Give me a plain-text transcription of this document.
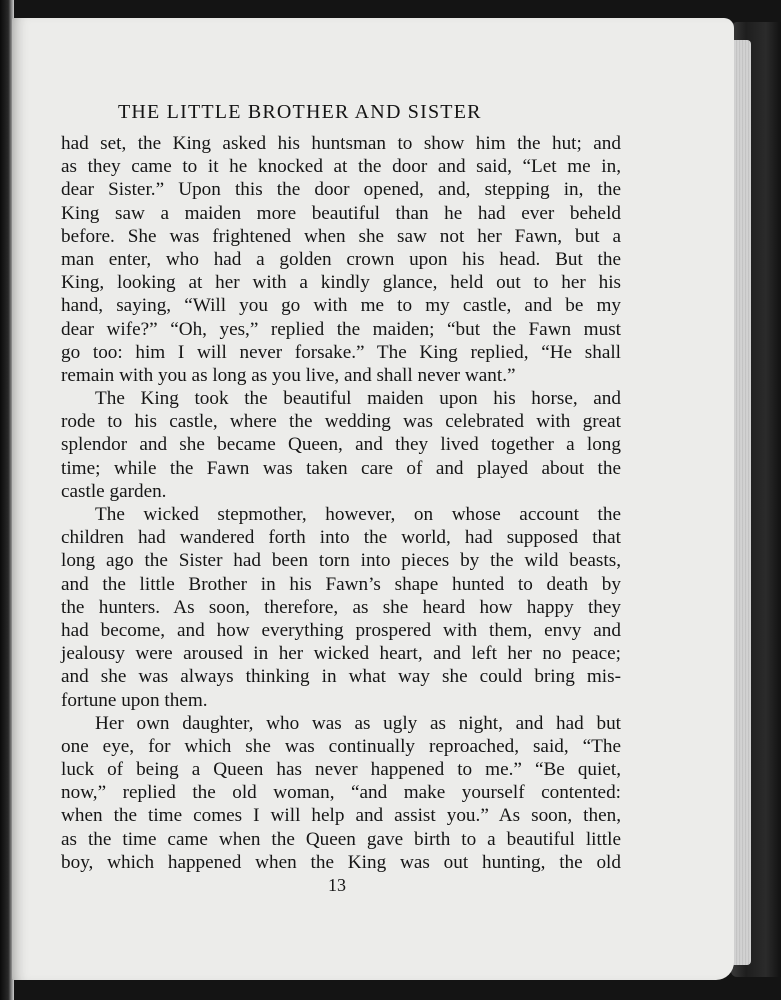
THE LITTLE BROTHER AND SISTER
had set, the King asked his huntsman to show him the hut; and
as they came to it he knocked at the door and said, “Let me in,
dear Sister.” Upon this the door opened, and, stepping in, the
King saw a maiden more beautiful than he had ever beheld
before. She was frightened when she saw not her Fawn, but a
man enter, who had a golden crown upon his head. But the
King, looking at her with a kindly glance, held out to her his
hand, saying, “Will you go with me to my castle, and be my
dear wife?” “Oh, yes,” replied the maiden; “but the Fawn must
go too: him I will never forsake.” The King replied, “He shall
remain with you as long as you live, and shall never want.”
The King took the beautiful maiden upon his horse, and
rode to his castle, where the wedding was celebrated with great
splendor and she became Queen, and they lived together a long
time; while the Fawn was taken care of and played about the
castle garden.
The wicked stepmother, however, on whose account the
children had wandered forth into the world, had supposed that
long ago the Sister had been torn into pieces by the wild beasts,
and the little Brother in his Fawn’s shape hunted to death by
the hunters. As soon, therefore, as she heard how happy they
had become, and how everything prospered with them, envy and
jealousy were aroused in her wicked heart, and left her no peace;
and she was always thinking in what way she could bring mis-
fortune upon them.
Her own daughter, who was as ugly as night, and had but
one eye, for which she was continually reproached, said, “The
luck of being a Queen has never happened to me.” “Be quiet,
now,” replied the old woman, “and make yourself contented:
when the time comes I will help and assist you.” As soon, then,
as the time came when the Queen gave birth to a beautiful little
boy, which happened when the King was out hunting, the old
13
